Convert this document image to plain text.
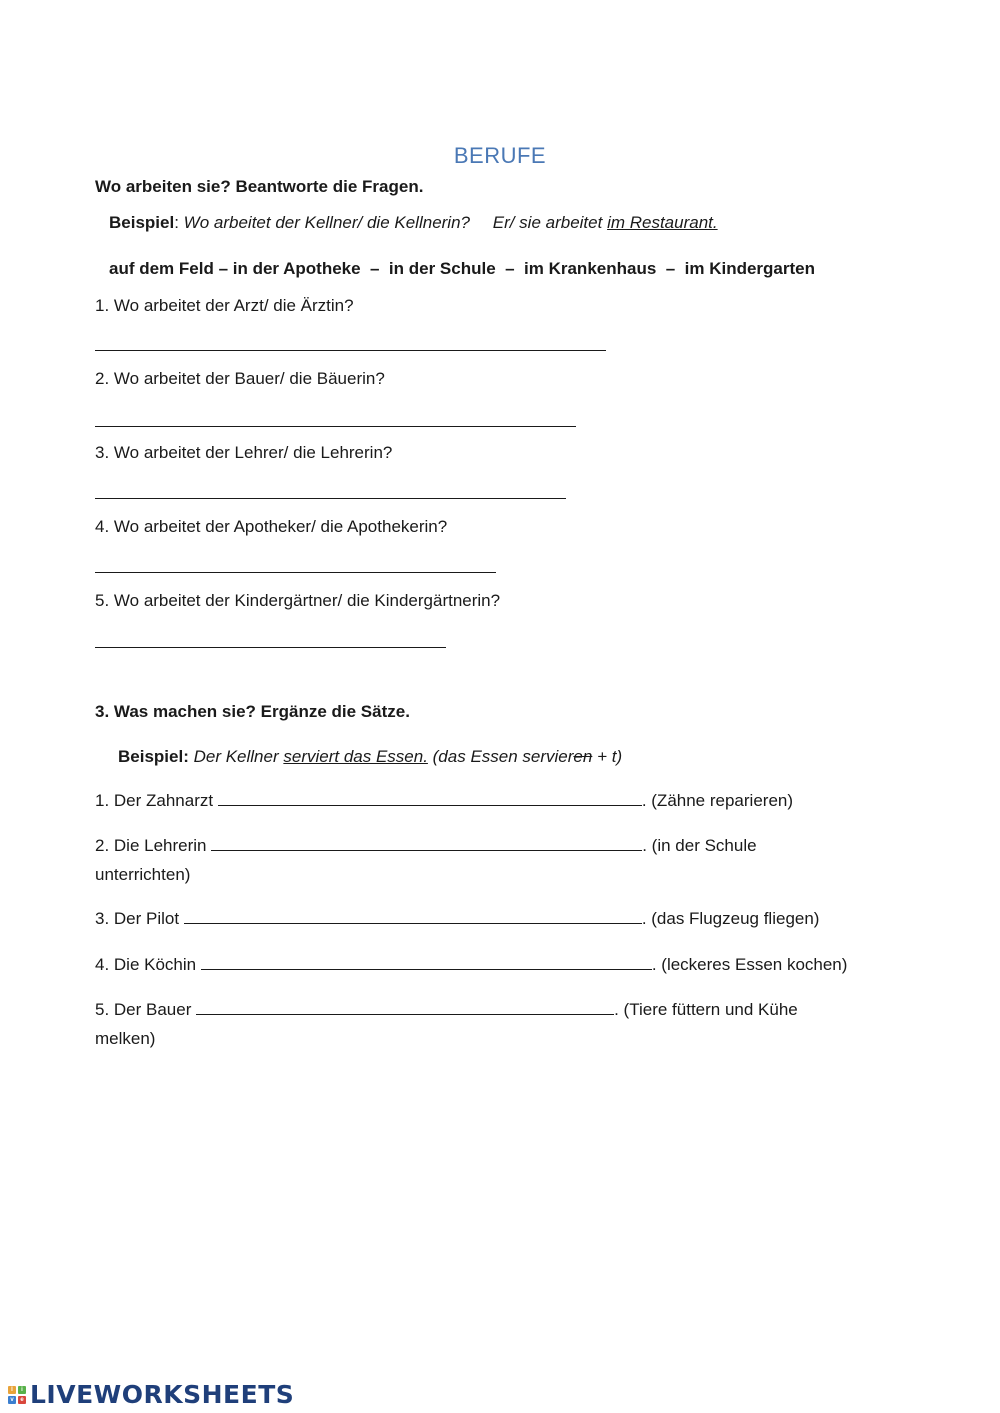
BERUFE
Wo arbeiten sie? Beantworte die Fragen.
Beispiel: Wo arbeitet der Kellner/ die Kellnerin? Er/ sie arbeitet im Restaurant.
auf dem Feld – in der Apotheke  –  in der Schule  –  im Krankenhaus  –  im Kindergarten
1. Wo arbeitet der Arzt/ die Ärztin?
2. Wo arbeitet der Bauer/ die Bäuerin?
3. Wo arbeitet der Lehrer/ die Lehrerin?
4. Wo arbeitet der Apotheker/ die Apothekerin?
5. Wo arbeitet der Kindergärtner/ die Kindergärtnerin?
3. Was machen sie? Ergänze die Sätze.
Beispiel: Der Kellner serviert das Essen. (das Essen servieren + t)
1. Der Zahnarzt	. (Zähne reparieren)
2. Die Lehrerin	. (in der Schule
unterrichten)
3. Der Pilot	. (das Flugzeug fliegen)
4. Die Köchin	. (leckeres Essen kochen)
5. Der Bauer	. (Tiere füttern und Kühe
melken)
l	i
v	e LIVEWORKSHEETS
